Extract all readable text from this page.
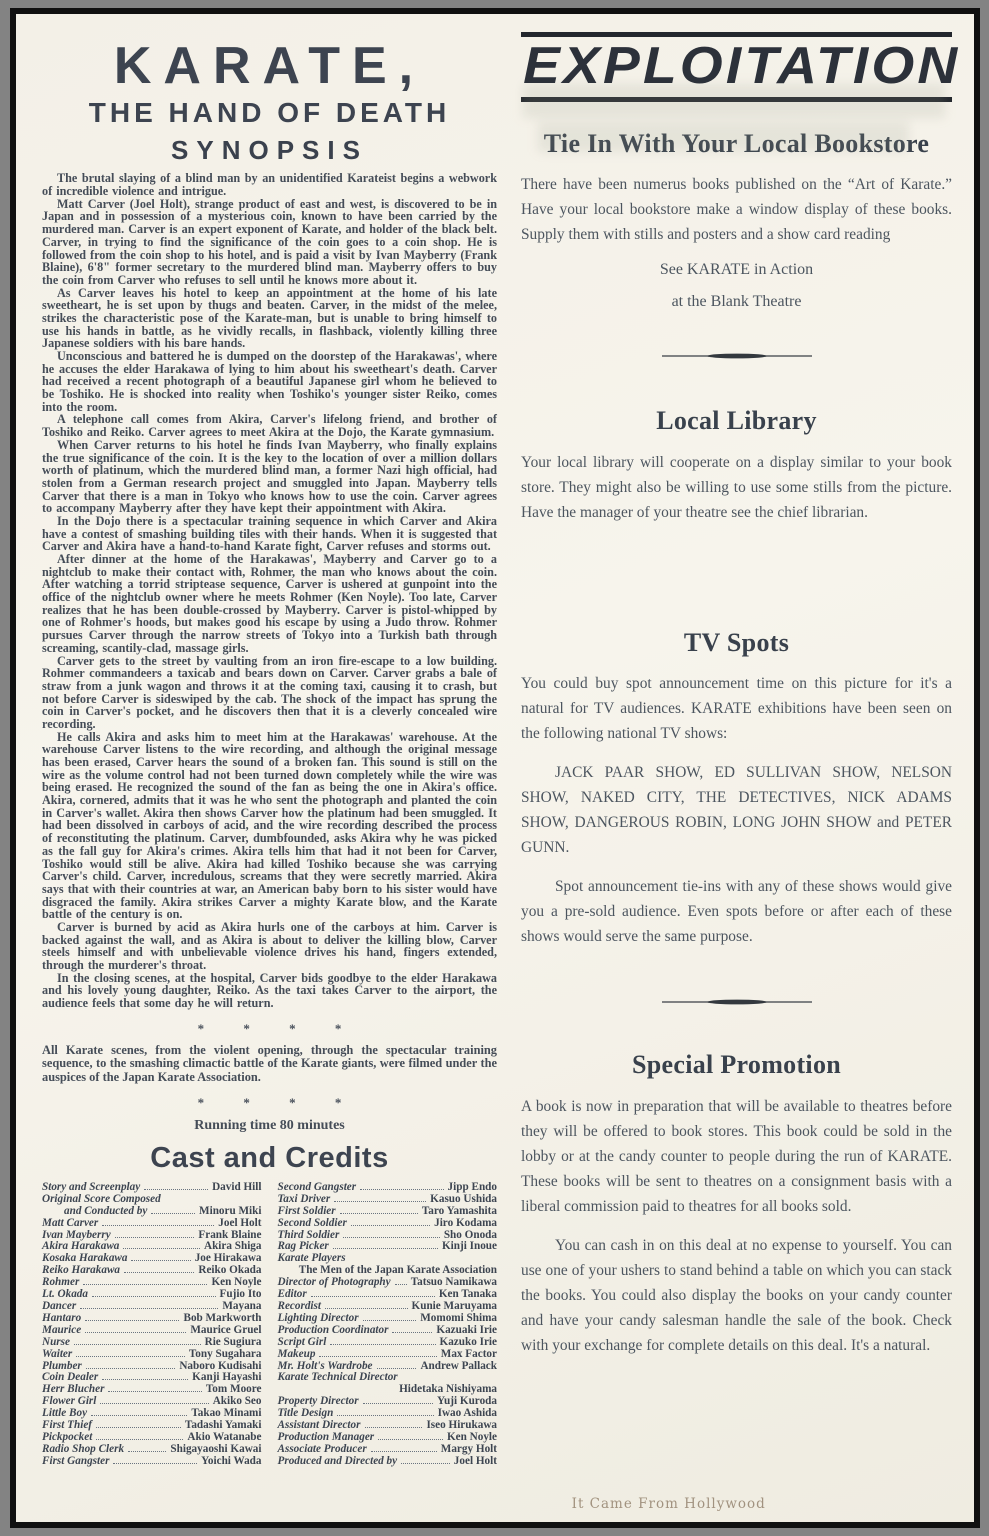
KARATE,
THE HAND OF DEATH
SYNOPSIS

The brutal slaying of a blind man by an unidentified Karateist begins a webwork of incredible violence and intrigue.

Matt Carver (Joel Holt), strange product of east and west, is discovered to be in Japan and in possession of a mysterious coin, known to have been carried by the murdered man. Carver is an expert exponent of Karate, and holder of the black belt. Carver, in trying to find the significance of the coin goes to a coin shop. He is followed from the coin shop to his hotel, and is paid a visit by Ivan Mayberry (Frank Blaine), 6'8" former secretary to the murdered blind man. Mayberry offers to buy the coin from Carver who refuses to sell until he knows more about it.

As Carver leaves his hotel to keep an appointment at the home of his late sweetheart, he is set upon by thugs and beaten. Carver, in the midst of the melee, strikes the characteristic pose of the Karate-man, but is unable to bring himself to use his hands in battle, as he vividly recalls, in flashback, violently killing three Japanese soldiers with his bare hands.

Unconscious and battered he is dumped on the doorstep of the Harakawas', where he accuses the elder Harakawa of lying to him about his sweetheart's death. Carver had received a recent photograph of a beautiful Japanese girl whom he believed to be Toshiko. He is shocked into reality when Toshiko's younger sister Reiko, comes into the room.

A telephone call comes from Akira, Carver's lifelong friend, and brother of Toshiko and Reiko. Carver agrees to meet Akira at the Dojo, the Karate gymnasium.

When Carver returns to his hotel he finds Ivan Mayberry, who finally explains the true significance of the coin. It is the key to the location of over a million dollars worth of platinum, which the murdered blind man, a former Nazi high official, had stolen from a German research project and smuggled into Japan. Mayberry tells Carver that there is a man in Tokyo who knows how to use the coin. Carver agrees to accompany Mayberry after they have kept their appointment with Akira.

In the Dojo there is a spectacular training sequence in which Carver and Akira have a contest of smashing building tiles with their hands. When it is suggested that Carver and Akira have a hand-to-hand Karate fight, Carver refuses and storms out.

After dinner at the home of the Harakawas', Mayberry and Carver go to a nightclub to make their contact with, Rohmer, the man who knows about the coin. After watching a torrid striptease sequence, Carver is ushered at gunpoint into the office of the nightclub owner where he meets Rohmer (Ken Noyle). Too late, Carver realizes that he has been double-crossed by Mayberry. Carver is pistol-whipped by one of Rohmer's hoods, but makes good his escape by using a Judo throw. Rohmer pursues Carver through the narrow streets of Tokyo into a Turkish bath through screaming, scantily-clad, massage girls.

Carver gets to the street by vaulting from an iron fire-escape to a low building. Rohmer commandeers a taxicab and bears down on Carver. Carver grabs a bale of straw from a junk wagon and throws it at the coming taxi, causing it to crash, but not before Carver is sideswiped by the cab. The shock of the impact has sprung the coin in Carver's pocket, and he discovers then that it is a cleverly concealed wire recording.

He calls Akira and asks him to meet him at the Harakawas' warehouse. At the warehouse Carver listens to the wire recording, and although the original message has been erased, Carver hears the sound of a broken fan. This sound is still on the wire as the volume control had not been turned down completely while the wire was being erased. He recognized the sound of the fan as being the one in Akira's office. Akira, cornered, admits that it was he who sent the photograph and planted the coin in Carver's wallet. Akira then shows Carver how the platinum had been smuggled. It had been dissolved in carboys of acid, and the wire recording described the process of reconstituting the platinum. Carver, dumbfounded, asks Akira why he was picked as the fall guy for Akira's crimes. Akira tells him that had it not been for Carver, Toshiko would still be alive. Akira had killed Toshiko because she was carrying Carver's child. Carver, incredulous, screams that they were secretly married. Akira says that with their countries at war, an American baby born to his sister would have disgraced the family. Akira strikes Carver a mighty Karate blow, and the Karate battle of the century is on.

Carver is burned by acid as Akira hurls one of the carboys at him. Carver is backed against the wall, and as Akira is about to deliver the killing blow, Carver steels himself and with unbelievable violence drives his hand, fingers extended, through the murderer's throat.

In the closing scenes, at the hospital, Carver bids goodbye to the elder Harakawa and his lovely young daughter, Reiko. As the taxi takes Carver to the airport, the audience feels that some day he will return.

* * * *

All Karate scenes, from the violent opening, through the spectacular training sequence, to the smashing climactic battle of the Karate giants, were filmed under the auspices of the Japan Karate Association.

* * * *
Running time 80 minutes
Cast and Credits
Story and Screenplay	David Hill
Original Score Composed
and Conducted by	Minoru Miki
Matt Carver	Joel Holt
Ivan Mayberry	Frank Blaine
Akira Harakawa	Akira Shiga
Kosaka Harakawa	Joe Hirakawa
Reiko Harakawa	Reiko Okada
Rohmer	Ken Noyle
Lt. Okada	Fujio Ito
Dancer	Mayana
Hantaro	Bob Markworth
Maurice	Maurice Gruel
Nurse	Rie Sugiura
Waiter	Tony Sugahara
Plumber	Naboro Kudisahi
Coin Dealer	Kanji Hayashi
Herr Blucher	Tom Moore
Flower Girl	Akiko Seo
Little Boy	Takao Minami
First Thief	Tadashi Yamaki
Pickpocket	Akio Watanabe
Radio Shop Clerk	Shigayaoshi Kawai
First Gangster	Yoichi Wada
Second Gangster	Jipp Endo
Taxi Driver	Kasuo Ushida
First Soldier	Taro Yamashita
Second Soldier	Jiro Kodama
Third Soldier	Sho Onoda
Rag Picker	Kinji Inoue
Karate Players
The Men of the Japan Karate Association
Director of Photography Tatsuo Namikawa
Editor	Ken Tanaka
Recordist	Kunie Maruyama
Lighting Director	Momomi Shima
Production Coordinator	Kazuaki Irie
Script Girl	Kazuko Irie
Makeup	Max Factor
Mr. Holt's Wardrobe	Andrew Pallack
Karate Technical Director
Hidetaka Nishiyama
Property Director	Yuji Kuroda
Title Design	Iwao Ashida
Assistant Director	Iseo Hirukawa
Production Manager	Ken Noyle
Associate Producer	Margy Holt
Produced and Directed by	Joel Holt
EXPLOITATION
Tie In With Your Local Bookstore

There have been numerus books published on the “Art of Karate.” Have your local bookstore make a window display of these books. Supply them with stills and posters and a show card reading

See KARATE in Action
at the Blank Theatre
Local Library

Your local library will cooperate on a display similar to your book store. They might also be willing to use some stills from the picture. Have the manager of your theatre see the chief librarian.

TV Spots

You could buy spot announcement time on this picture for it's a natural for TV audiences. KARATE exhibitions have been seen on the following national TV shows:

JACK PAAR SHOW, ED SULLIVAN SHOW, NELSON SHOW, NAKED CITY, THE DETECTIVES, NICK ADAMS SHOW, DANGEROUS ROBIN, LONG JOHN SHOW and PETER GUNN.

Spot announcement tie-ins with any of these shows would give you a pre-sold audience. Even spots before or after each of these shows would serve the same purpose.

Special Promotion

A book is now in preparation that will be available to theatres before they will be offered to book stores. This book could be sold in the lobby or at the candy counter to people during the run of KARATE. These books will be sent to theatres on a consignment basis with a liberal commission paid to theatres for all books sold.

You can cash in on this deal at no expense to yourself. You can use one of your ushers to stand behind a table on which you can stack the books. You could also display the books on your candy counter and have your candy salesman handle the sale of the book. Check with your exchange for complete details on this deal. It's a natural.

It Came From Hollywood
